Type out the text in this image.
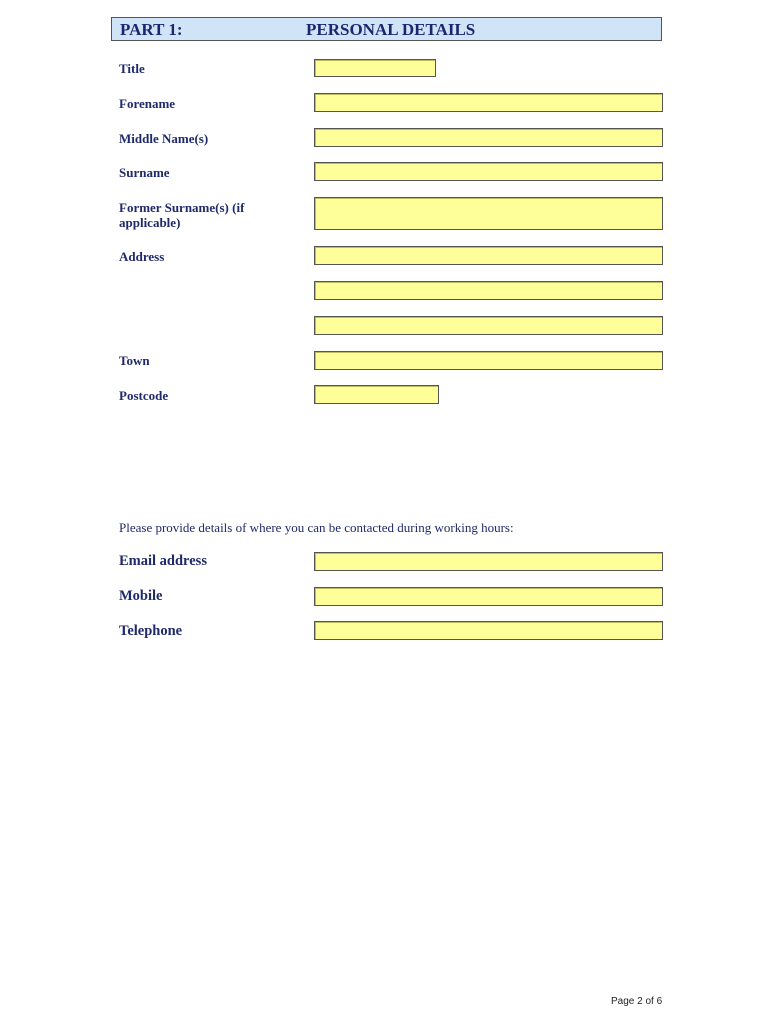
PART 1:	PERSONAL DETAILS
Title
Forename
Middle Name(s)
Surname
Former Surname(s) (if
applicable)
Address
Town
Postcode
Please provide details of where you can be contacted during working hours:
Email address
Mobile
Telephone
Page 2 of 6
